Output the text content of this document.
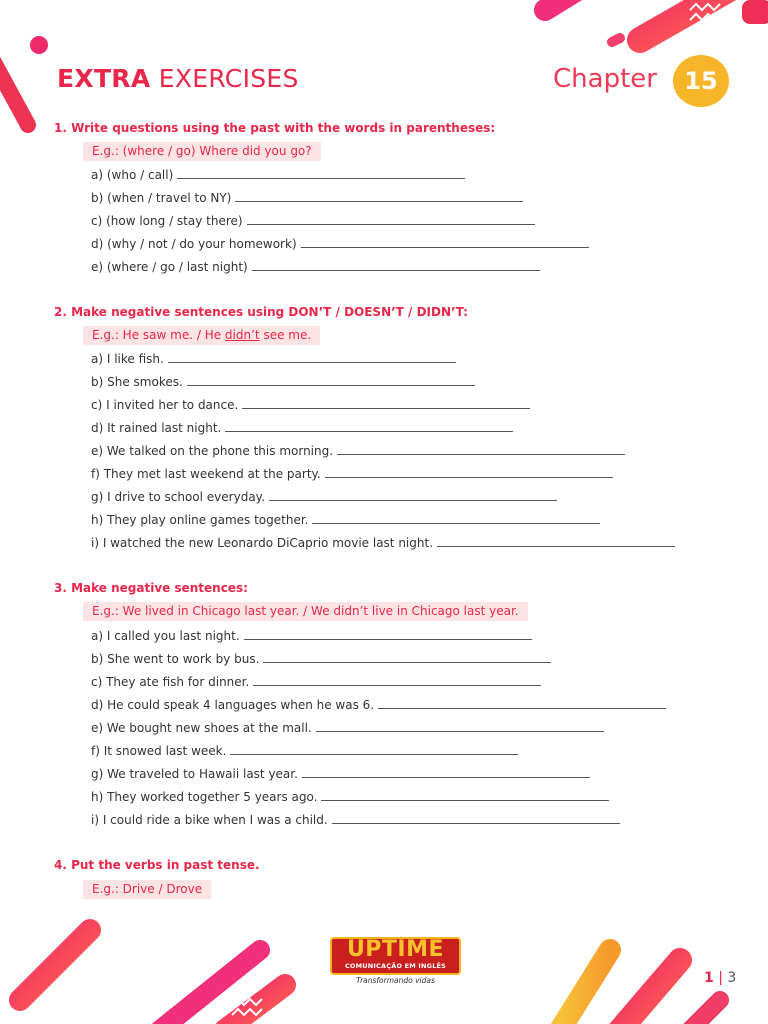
EXTRA EXERCISES	Chapter	15
1. Write questions using the past with the words in parentheses:
E.g.: (where / go) Where did you go?
a) (who / call)
b) (when / travel to NY)
c) (how long / stay there)
d) (why / not / do your homework)
e) (where / go / last night)
2. Make negative sentences using DON’T / DOESN’T / DIDN’T:
E.g.: He saw me. / He didn’t see me.
a) I like fish.
b) She smokes.
c) I invited her to dance.
d) It rained last night.
e) We talked on the phone this morning.
f) They met last weekend at the party.
g) I drive to school everyday.
h) They play online games together.
i) I watched the new Leonardo DiCaprio movie last night.
3. Make negative sentences:
E.g.: We lived in Chicago last year. / We didn’t live in Chicago last year.
a) I called you last night.
b) She went to work by bus.
c) They ate fish for dinner.
d) He could speak 4 languages when he was 6.
e) We bought new shoes at the mall.
f) It snowed last week.
g) We traveled to Hawaii last year.
h) They worked together 5 years ago.
i) I could ride a bike when I was a child.
4. Put the verbs in past tense.
E.g.: Drive / Drove
UPTIME
COMUNICAÇÃO EM INGLÊS
Transformando vidas	1 | 3
